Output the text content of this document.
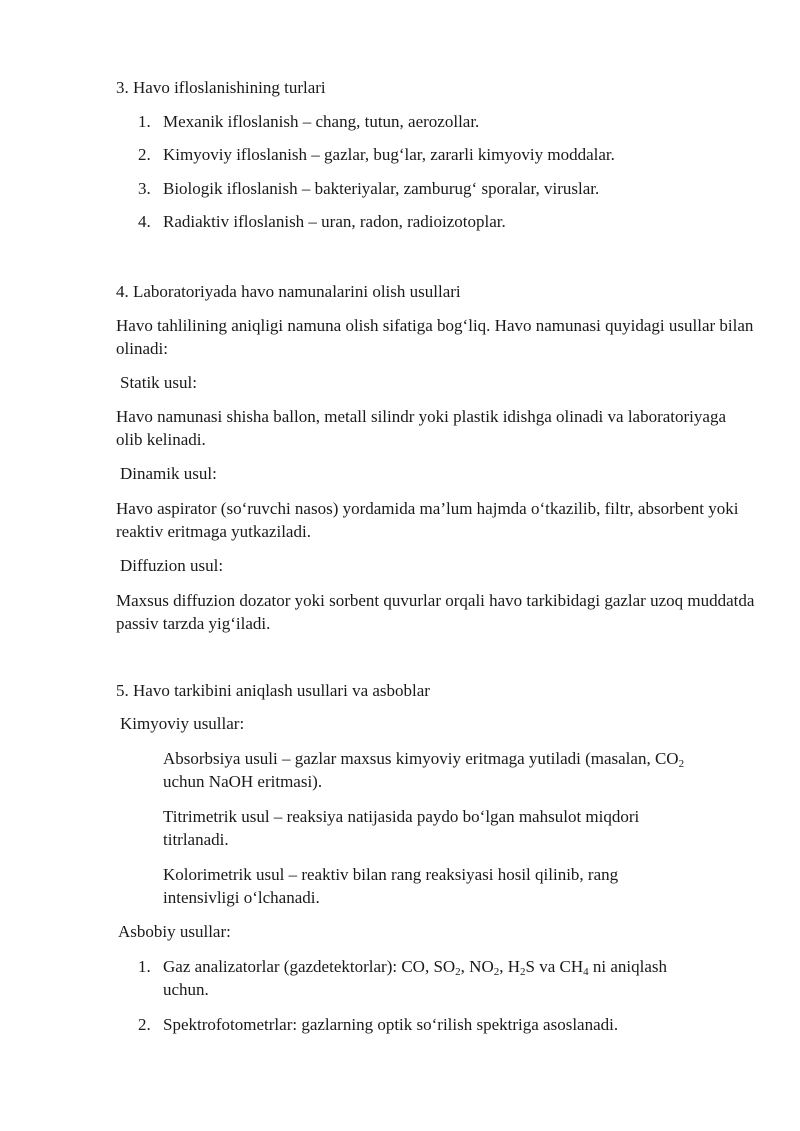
3. Havo ifloslanishining turlari
1. Mexanik ifloslanish – chang, tutun, aerozollar.
2. Kimyoviy ifloslanish – gazlar, bug‘lar, zararli kimyoviy moddalar.
3. Biologik ifloslanish – bakteriyalar, zamburug‘ sporalar, viruslar.
4. Radiaktiv ifloslanish – uran, radon, radioizotoplar.
4. Laboratoriyada havo namunalarini olish usullari
Havo tahlilining aniqligi namuna olish sifatiga bog‘liq. Havo namunasi quyidagi usullar bilan olinadi:
Statik usul:
Havo namunasi shisha ballon, metall silindr yoki plastik idishga olinadi va laboratoriyaga olib kelinadi.
Dinamik usul:
Havo aspirator (so‘ruvchi nasos) yordamida ma’lum hajmda o‘tkazilib, filtr, absorbent yoki reaktiv eritmaga yutkaziladi.
Diffuzion usul:
Maxsus diffuzion dozator yoki sorbent quvurlar orqali havo tarkibidagi gazlar uzoq muddatda passiv tarzda yig‘iladi.
5. Havo tarkibini aniqlash usullari va asboblar
Kimyoviy usullar:
Absorbsiya usuli – gazlar maxsus kimyoviy eritmaga yutiladi (masalan, $CO_2$
uchun NaOH eritmasi).
Titrimetrik usul – reaksiya natijasida paydo bo‘lgan mahsulot miqdori
titrlanadi.
Kolorimetrik usul – reaktiv bilan rang reaksiyasi hosil qilinib, rang
intensivligi o‘lchanadi.
Asbobiy usullar:
1. Gaz analizatorlar (gazdetektorlar): CO, $SO_2$, $NO_2$, $H_2S$ va $CH_4$ ni aniqlash
uchun.
2. Spektrofotometrlar: gazlarning optik so‘rilish spektriga asoslanadi.
